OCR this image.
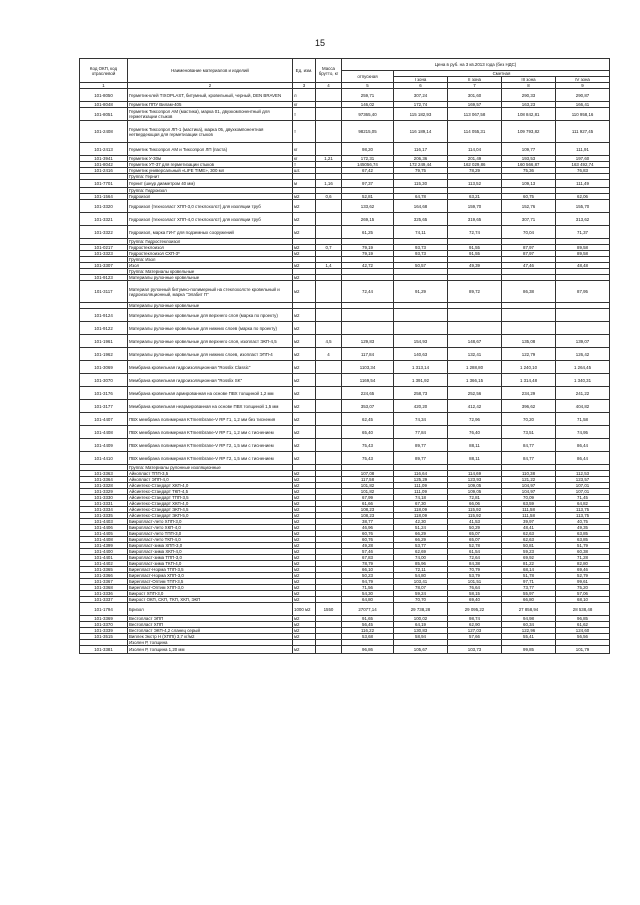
15
Код ОКП, код отраслевой	Наименование материалов и изделий	Ед. изм.	Масса брутто, кг	Цена в руб. на 3 кв.2013 года (без НДС)				
				отпускная	Сметная			
					I зона	II зона	III зона	IV зона
1	2	3	4	5	6	7	8	9
101-8050	Герметик-клей TIXOPLAST, битумный, кровельный, черный, DEN BRAVEN	л		259,71	307,24	301,60	290,33	290,87
101-8048	Герметик ППУ Вилам-405	кг		146,02	172,74	169,57	163,23	166,41
101-8051	Герметик Тиксопрол АМ (мастика), марка 01, двухкомпонентный для герметизации стыков	т		97365,40	115 182,93	113 067,58	108 842,81	110 958,16
101-2408	Герметик Тиксопрол ЛП-1 (мастика), марка 05, двухкомпонентная нетвердеющая для герметизации стыков	т		98215,05	116 189,14	114 055,31	109 793,82	111 927,45
101-2413	Герметик Тиксопрол АМ и Тиксопрол ЛП (паста)	кг		98,20	116,17	114,04	109,77	111,91
101-3941	Герметик У-30м	кг	1,21	172,31	206,36	201,49	193,53	197,60
101-8042	Герметик УТ-37 для герметизации стыков	т		145056,74	172 249,44	162 029,86	160 566,87	163 492,74
101-2416	Герметик универсальный «LIFE TIME», 300 мл	шт.		67,42	79,75	78,29	75,36	76,83
	Группа: Гернит							
101-7701	Гернит (шнур диаметром 40 мм)	м	1,16	97,37	115,30	113,52	109,13	111,49
	Группа: Гидроизол							
101-1564	Гидроизол	м2	0,6	52,81	64,78	63,21	60,75	62,06
101-3320	Гидроизол (техноэласт ХПП-3,0 стеклохолст) для изоляции труб	м2		133,62	164,68	159,70	152,76	155,70
101-3321	Гидроизол (техноэласт ХПП-4,0 стеклохолст) для изоляции труб	м2		269,15	325,65	319,65	307,71	313,62
101-3322	Гидроизол, марка ГИ-Г для подземных сооружений	м2		61,25	74,11	72,74	70,04	71,37
	Группа: Гидростеклоизол							
101-0217	Гидростеклоизол	м2	0,7	79,19	93,73	91,55	87,97	89,58
101-3323	Гидростеклоизол СХП-3*	м2		79,19	93,73	91,55	87,97	89,58
	Группа: Изол							
101-3307	Изол	м2	1,4	42,72	50,57	49,39	47,46	48,48
	Группа: Материалы кровельные							
101-9123	Материалы рулонные кровельные	м2						
101-3117	Материал рулонный битумно-полимерный на стеклохолсте кровельный и гидроизоляционный, марка "Элабит П"	м2		72,44	91,29	89,72	86,38	87,95
	Материалы рулонные кровельные							
101-9124	Материалы рулонные кровельные для верхнего слоя (марка по проекту)	м2						
101-9122	Материалы рулонные кровельные для нижних слоев (марка по проекту)	м2						
101-1961	Материалы рулонные кровельные для верхнего слоя, изопласт ЭКП-4,5	м2	4,5	129,83	154,93	148,67	135,08	139,07
101-1962	Материалы рулонные кровельные для нижних слоев, изопласт ЭПП-4	м2	4	117,84	140,63	132,41	122,79	126,42
101-3069	Мембрана кровельная гидроизоляционная "Rosslix Classic"	м2		1103,34	1 313,14	1 288,80	1 240,10	1 264,45
101-3070	Мембрана кровельная гидроизоляционная "Rosslix SK"	м2		1169,54	1 391,92	1 366,15	1 314,48	1 340,31
101-3176	Мембрана кровельная армированная на основе ПВХ толщиной 1,2 мм	м2		224,65	258,73	252,56	234,29	241,22
101-3177	Мембрана кровельная неармированная на основе ПВХ толщиной 1,5 мм	м2		353,07	420,20	412,42	396,62	404,82
101-4407	ПВХ мембрана полимерная KTmembrane-V RP Г1, 1,2 мм без тиснения	м2		62,45	74,34	72,96	70,20	71,58
101-4408	ПВХ мембрана полимерная KTmembrane-V RP Г1, 1,2 мм с тиснением	м2		65,40	77,84	76,40	73,51	74,95
101-4409	ПВХ мембрана полимерная KTmembrane-V RP Г2, 1,5 мм с тиснением	м2		75,43	89,77	88,11	84,77	86,44
101-4410	ПВХ мембрана полимерная KTmembrane-V RP Г2, 1,5 мм с тиснением	м2		75,43	89,77	88,11	84,77	86,44
	Группа: Материалы рулонные изоляционные							
101-3363	Айкопласт ТПП-3,5	м2		107,08	116,64	114,69	110,38	112,53
101-3364	Айкопласт ЭПП-4,0	м2		117,58	125,29	123,93	121,22	123,57
101-3328	Айсинтекс-Стандарт ХКП-4,0	м2		101,82	111,09	109,05	104,97	107,01
101-3329	Айсинтекс-Стандарт ТКП-4,5	м2		101,82	111,09	109,05	104,97	107,01
101-3330	Айсинтекс-Стандарт ТПП-3,5	м2		67,99	74,18	72,81	70,09	71,45
101-3331	Айсинтекс-Стандарт ХКП-4,0	м2		61,66	67,30	66,06	63,59	64,82
101-3334	Айсинтекс-Стандарт ЭКП-4,5	м2		108,23	118,09	115,92	111,58	113,75
101-3335	Айсинтекс-Стандарт ЭКП-5,0	м2		108,23	118,09	115,92	111,58	113,75
101-4403	Бикропласт-лето ХПП-3,0	м2		38,77	42,30	41,53	39,97	40,75
101-4406	Бикропласт-лето ХКП-4,0	м2		46,96	51,24	50,29	48,41	49,35
101-4405	Бикропласт-лето ТПП-3,0	м2		60,76	66,29	65,07	62,63	63,85
101-4408	Бикропласт-лето ТКП-4,0	м2		60,76	66,29	65,07	62,63	63,85
101-4399	Бикропласт-зима ХПП-3,0	м2		49,28	53,77	52,78	50,81	51,79
101-4400	Бикропласт-зима ХКП-4,0	м2		57,46	62,69	61,54	59,23	60,38
101-4401	Бикропласт-зима ТПП-3,0	м2		67,83	74,00	72,64	69,92	71,28
101-4402	Бикропласт-зима ТКП-4,0	м2		78,79	85,96	84,38	81,22	82,80
101-3365	Бирепласт-Норма ТПП-3,5	м2		66,10	72,11	70,79	68,14	69,46
101-3366	Бирепласт-Норма ХПП-3,0	м2		50,23	54,80	53,79	51,78	52,79
101-3367	Бирепласт-Оптим ТПП-3,5	м2		94,79	103,41	101,51	97,71	99,61
101-3368	Бирепласт-Оптим ХПП-3,0	м2		71,56	78,07	76,64	73,77	75,20
101-3336	Бикрост ХПП-3,0	м2		54,30	59,24	58,15	55,97	57,06
101-3337	Бикрост ОКП, СКП, ТКП, ХКП, ЭКП	м2		64,80	70,70	69,40	66,80	68,10
101-1794	Бризол	1000 м2	1550	27077,14	29 738,28	29 095,22	27 858,94	28 538,48
101-3369	Вестопласт ЭПП	м2		91,65	100,02	98,74	94,98	96,85
101-3370	Вестопласт ХПП	м2		56,45	64,19	62,90	60,34	61,62
101-3339	Вестопласт ЭКП-4,2 сланец серый	м2		116,22	130,83	127,03	122,96	124,60
101-3515	Виплек Экстр Н (ХППI) 3,7 кг/м2	м2		53,68	58,94	57,66	55,41	56,56
	Изолен Р, толщина							
101-3381	Изолен Р, толщина 1,20 мм	м2		96,86	105,67	103,73	99,85	101,79
